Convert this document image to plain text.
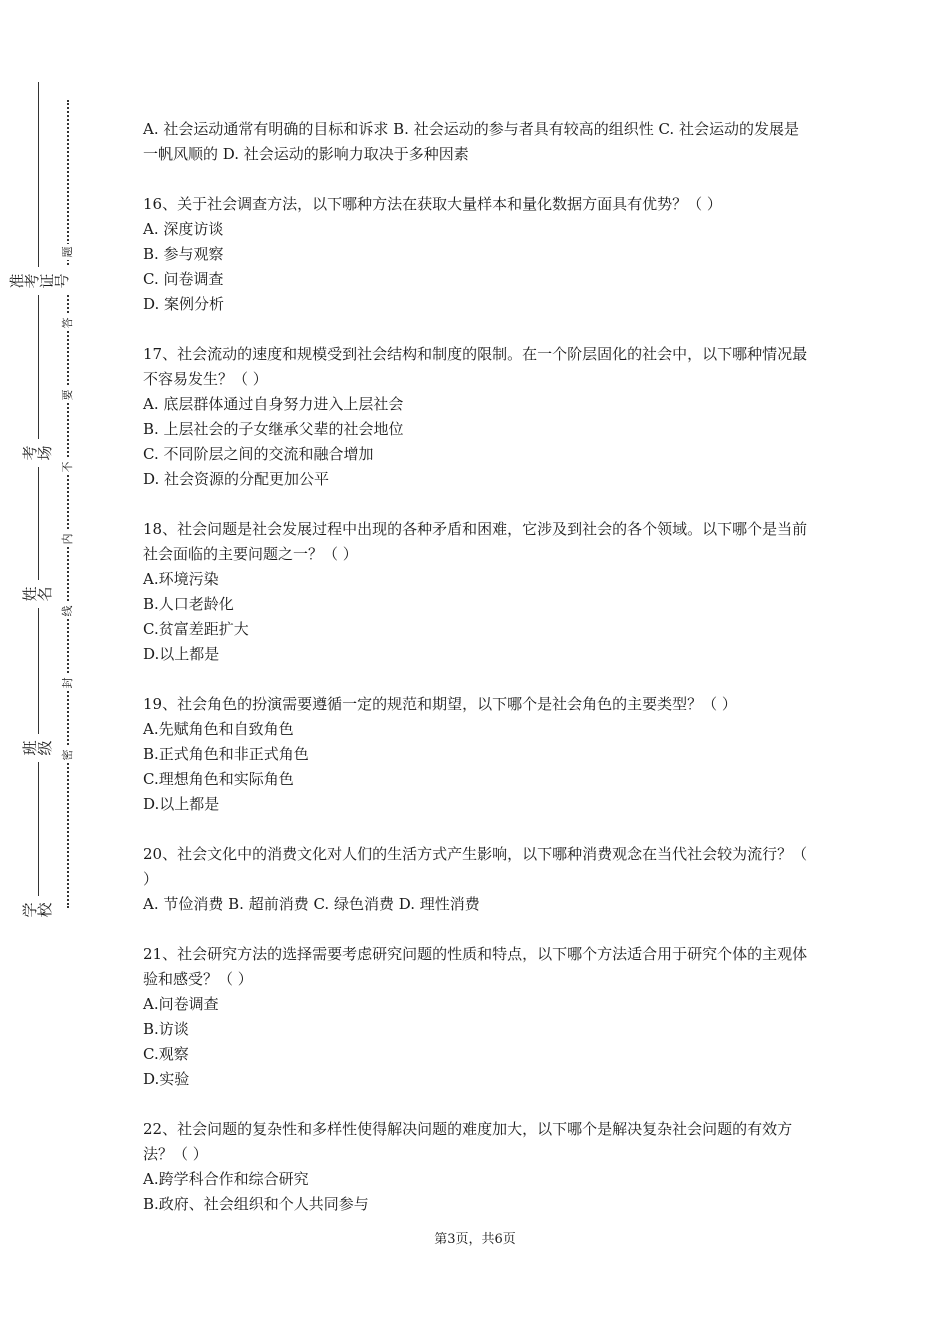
准考证号
考场
姓名
班级
学校
题
答
要
不
内
线
封
密

A. 社会运动通常有明确的目标和诉求 B. 社会运动的参与者具有较高的组织性 C. 社会运动的发展是一帆风顺的 D. 社会运动的影响力取决于多种因素

16、关于社会调查方法，以下哪种方法在获取大量样本和量化数据方面具有优势？（ ）

A. 深度访谈

B. 参与观察

C. 问卷调查

D. 案例分析

17、社会流动的速度和规模受到社会结构和制度的限制。在一个阶层固化的社会中，以下哪种情况最不容易发生？（ ）

A. 底层群体通过自身努力进入上层社会

B. 上层社会的子女继承父辈的社会地位

C. 不同阶层之间的交流和融合增加

D. 社会资源的分配更加公平

18、社会问题是社会发展过程中出现的各种矛盾和困难，它涉及到社会的各个领域。以下哪个是当前社会面临的主要问题之一？（ ）

A.环境污染

B.人口老龄化

C.贫富差距扩大

D.以上都是

19、社会角色的扮演需要遵循一定的规范和期望，以下哪个是社会角色的主要类型？（ ）

A.先赋角色和自致角色

B.正式角色和非正式角色

C.理想角色和实际角色

D.以上都是

20、社会文化中的消费文化对人们的生活方式产生影响，以下哪种消费观念在当代社会较为流行？（ ）

A. 节俭消费 B. 超前消费 C. 绿色消费 D. 理性消费

21、社会研究方法的选择需要考虑研究问题的性质和特点，以下哪个方法适合用于研究个体的主观体验和感受？（ ）

A.问卷调查

B.访谈

C.观察

D.实验

22、社会问题的复杂性和多样性使得解决问题的难度加大，以下哪个是解决复杂社会问题的有效方法？（ ）

A.跨学科合作和综合研究

B.政府、社会组织和个人共同参与

第3页，共6页
